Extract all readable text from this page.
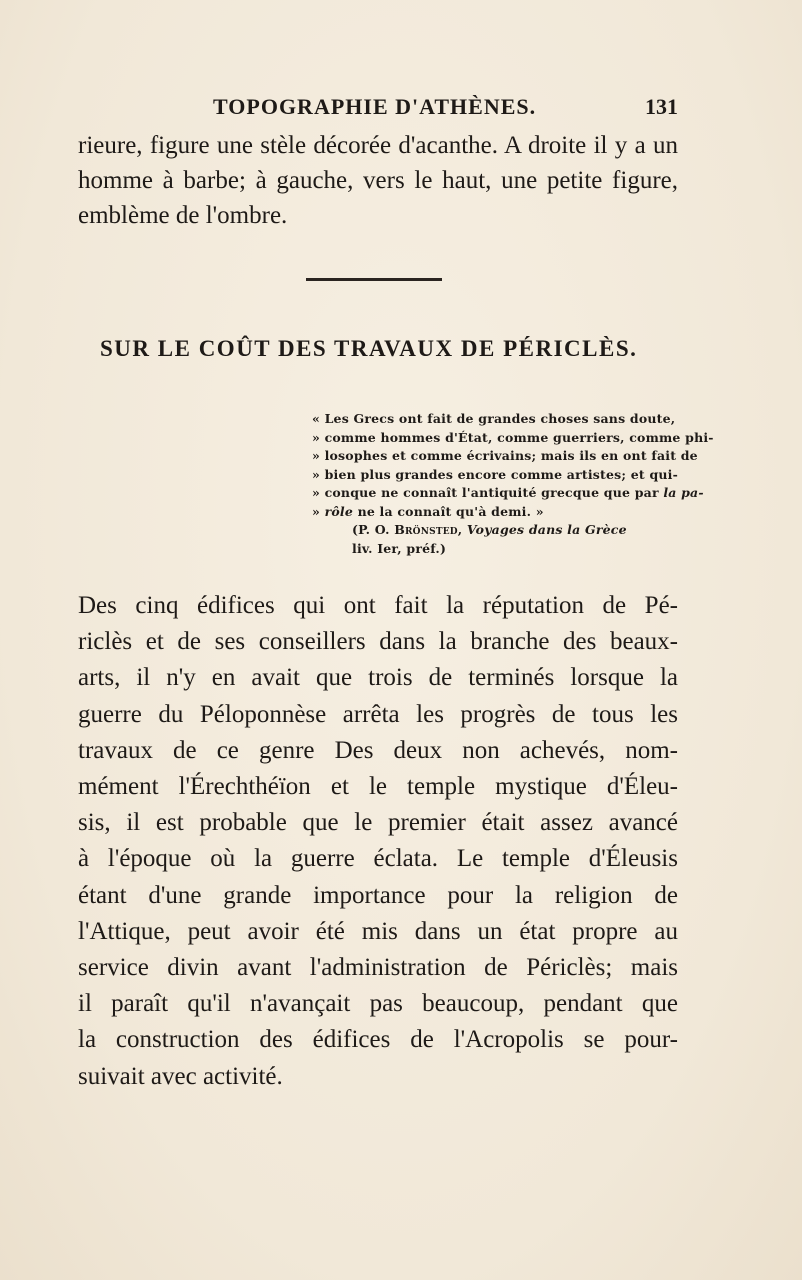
TOPOGRAPHIE D'ATHÈNES.	131
rieure, figure une stèle décorée d'acanthe. A droite il y a un homme à barbe; à gauche, vers le haut, une petite figure, emblème de l'ombre.
SUR LE COÛT DES TRAVAUX DE PÉRICLÈS.
« Les Grecs ont fait de grandes choses sans doute,
» comme hommes d'État, comme guerriers, comme phi-
» losophes et comme écrivains; mais ils en ont fait de
» bien plus grandes encore comme artistes; et qui-
» conque ne connaît l'antiquité grecque que par la pa-
» rôle ne la connaît qu'à demi. »
(P. O. Brönsted, Voyages dans la Grèce
liv. Ier, préf.)
Des cinq édifices qui ont fait la réputation de Pé-
riclès et de ses conseillers dans la branche des beaux-
arts, il n'y en avait que trois de terminés lorsque la
guerre du Péloponnèse arrêta les progrès de tous les
travaux de ce genre Des deux non achevés, nom-
mément l'Érechthéïon et le temple mystique d'Éleu-
sis, il est probable que le premier était assez avancé
à l'époque où la guerre éclata. Le temple d'Éleusis
étant d'une grande importance pour la religion de
l'Attique, peut avoir été mis dans un état propre au
service divin avant l'administration de Périclès; mais
il paraît qu'il n'avançait pas beaucoup, pendant que
la construction des édifices de l'Acropolis se pour-
suivait avec activité.
